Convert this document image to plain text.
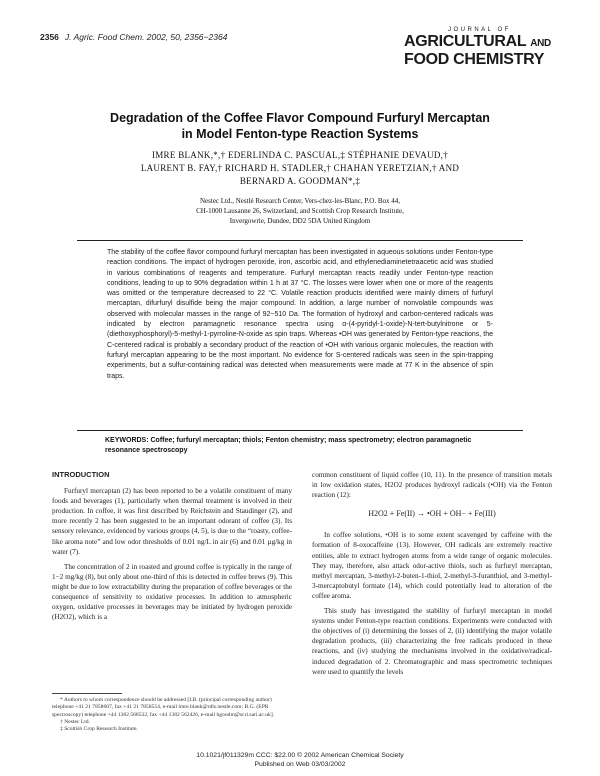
2356 J. Agric. Food Chem. 2002, 50, 2356−2364
JOURNAL OF
AGRICULTURAL AND
FOOD CHEMISTRY
Degradation of the Coffee Flavor Compound Furfuryl Mercaptan
in Model Fenton-type Reaction Systems
IMRE BLANK,*,† EDERLINDA C. PASCUAL,‡ STÉPHANIE DEVAUD,†
LAURENT B. FAY,† RICHARD H. STADLER,† CHAHAN YERETZIAN,† AND
BERNARD A. GOODMAN*,‡
Nestec Ltd., Nestlé Research Center, Vers-chez-les-Blanc, P.O. Box 44,
CH-1000 Lausanne 26, Switzerland, and Scottish Crop Research Institute,
Invergowrie, Dundee, DD2 5DA United Kingdom

The stability of the coffee flavor compound furfuryl mercaptan has been investigated in aqueous solutions under Fenton-type reaction conditions. The impact of hydrogen peroxide, iron, ascorbic acid, and ethylenediaminetetraacetic acid was studied in various combinations of reagents and temperature. Furfuryl mercaptan reacts readily under Fenton-type reaction conditions, leading to up to 90% degradation within 1 h at 37 °C. The losses were lower when one or more of the reagents was omitted or the temperature decreased to 22 °C. Volatile reaction products identified were mainly dimers of furfuryl mercaptan, difurfuryl disulfide being the major compound. In addition, a large number of nonvolatile compounds was observed with molecular masses in the range of 92−510 Da. The formation of hydroxyl and carbon-centered radicals was indicated by electron paramagnetic resonance spectra using α-(4-pyridyl-1-oxide)-N-tert-butylnitrone or 5-(diethoxyphosphoryl)-5-methyl-1-pyrroline-N-oxide as spin traps. Whereas •OH was generated by Fenton-type reactions, the C-centered radical is probably a secondary product of the reaction of •OH with various organic molecules, the reaction with furfuryl mercaptan appearing to be the most important. No evidence for S-centered radicals was seen in the spin-trapping experiments, but a sulfur-containing radical was detected when measurements were made at 77 K in the absence of spin traps.

KEYWORDS: Coffee; furfuryl mercaptan; thiols; Fenton chemistry; mass spectrometry; electron paramagnetic resonance spectroscopy
INTRODUCTION

Furfuryl mercaptan (2) has been reported to be a volatile constituent of many foods and beverages (1), particularly when thermal treatment is involved in their production. In coffee, it was first described by Reichstein and Staudinger (2), and more recently 2 has been suggested to be an important odorant of coffee (3). Its sensory relevance, evidenced by various groups (4, 5), is due to the “roasty, coffee-like aroma note” and low odor thresholds of 0.01 ng/L in air (6) and 0.01 µg/kg in water (7).

The concentration of 2 in roasted and ground coffee is typically in the range of 1−2 mg/kg (8), but only about one-third of this is detected in coffee brews (9). This might be due to low extractability during the preparation of coffee beverages or the consequence of sensitivity to oxidative processes. In addition to atmospheric oxygen, oxidative processes in beverages may be initiated by hydrogen peroxide (H2O2), which is a

common constituent of liquid coffee (10, 11). In the presence of transition metals in low oxidation states, H2O2 produces hydroxyl radicals (•OH) via the Fenton reaction (12):

H2O2 + Fe(II) → •OH + OH− + Fe(III)

In coffee solutions, •OH is to some extent scavenged by caffeine with the formation of 8-oxocaffeine (13). However, OH radicals are extremely reactive entities, able to extract hydrogen atoms from a wide range of organic molecules. They may, therefore, also attack odor-active thiols, such as furfuryl mercaptan, methyl mercaptan, 3-methyl-2-buten-1-thiol, 2-methyl-3-furanthiol, and 3-methyl-3-mercaptobutyl formate (14), which could potentially lead to alteration of the coffee aroma.

This study has investigated the stability of furfuryl mercaptan in model systems under Fenton-type reaction conditions. Experiments were conducted with the objectives of (i) determining the losses of 2, (ii) identifying the major volatile degradation products, (iii) characterizing the free radicals produced in these reactions, and (iv) studying the mechanisms involved in the oxidative/radical-induced degradation of 2. Chromatographic and mass spectrometric techniques were used to quantify the levels

* Authors to whom correspondence should be addressed [I.B. (principal corresponding author) telephone +41 21 7858607, fax +41 21 7858554, e-mail imre.blank@rdls.nestle.com; B.G. (EPR spectroscopy) telephone +44 1382 568532, fax +44 1382 562426, e-mail bgoodm@scri.sari.ac.uk].

† Nestec Ltd.

‡ Scottish Crop Research Institute.

10.1021/jf011329m CCC: $22.00 © 2002 American Chemical Society
Published on Web 03/03/2002
